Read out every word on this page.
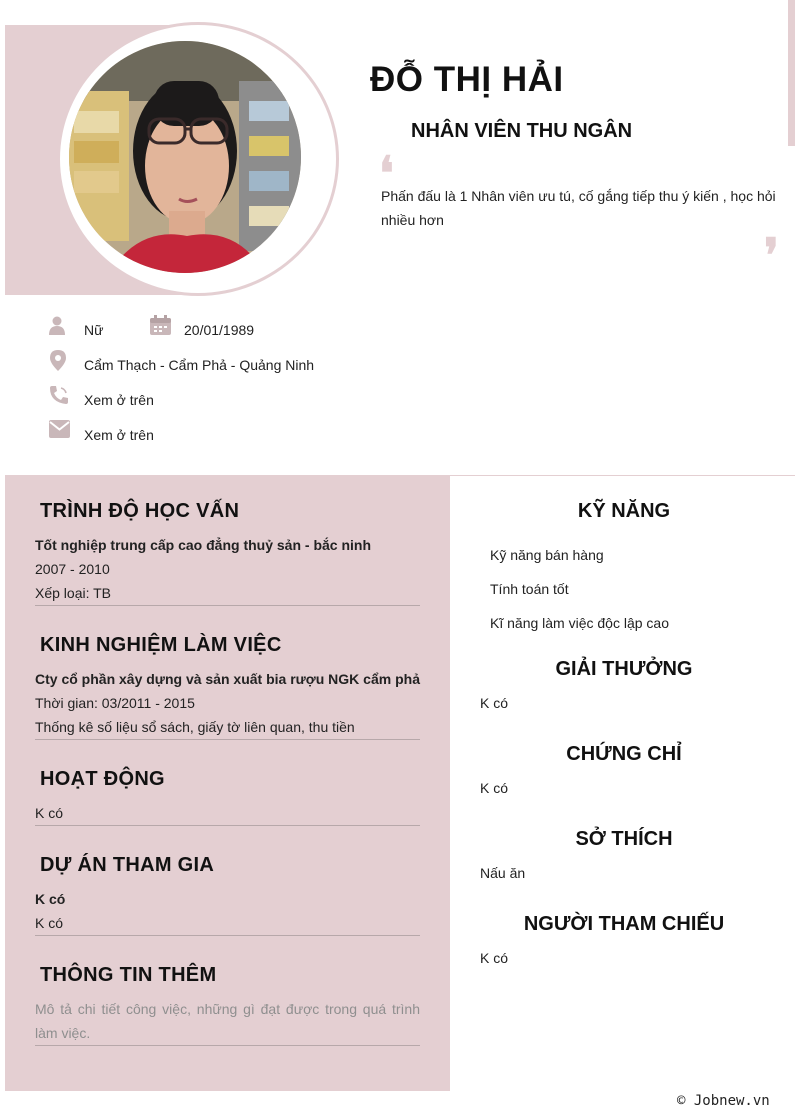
ĐỖ THỊ HẢI
NHÂN VIÊN THU NGÂN
❛
Phấn đấu là 1 Nhân viên ưu tú, cố gắng tiếp thu ý kiến , học hỏi nhiều hơn
❜
Nữ	20/01/1989
Cẩm Thạch - Cẩm Phả - Quảng Ninh
Xem ở trên
Xem ở trên
TRÌNH ĐỘ HỌC VẤN
Tốt nghiệp trung cấp cao đẳng thuỷ sản - bắc ninh
2007 - 2010
Xếp loại: TB
KINH NGHIỆM LÀM VIỆC
Cty cổ phần xây dựng và sản xuất bia rượu NGK cẩm phả
Thời gian: 03/2011 - 2015
Thống kê số liệu sổ sách, giấy tờ liên quan, thu tiền
HOẠT ĐỘNG
K có
DỰ ÁN THAM GIA
K có
K có
THÔNG TIN THÊM
Mô tả chi tiết công việc, những gì đạt được trong quá trình làm việc.
KỸ NĂNG
Kỹ năng bán hàng
Tính toán tốt
Kĩ năng làm việc độc lập cao
GIẢI THƯỞNG
K có
CHỨNG CHỈ
K có
SỞ THÍCH
Nấu ăn
NGƯỜI THAM CHIẾU
K có
© Jobnew.vn
